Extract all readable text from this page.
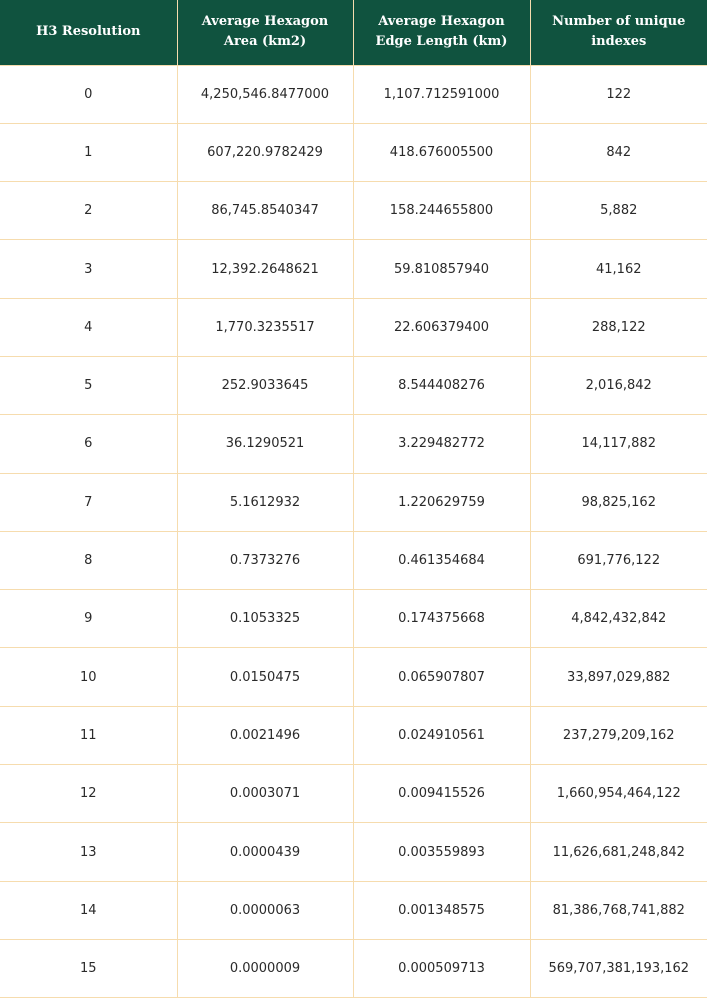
H3 Resolution	Average Hexagon Area (km2)	Average Hexagon Edge Length (km)	Number of unique indexes
0	4,250,546.8477000	1,107.712591000	122
1	607,220.9782429	418.676005500	842
2	86,745.8540347	158.244655800	5,882
3	12,392.2648621	59.810857940	41,162
4	1,770.3235517	22.606379400	288,122
5	252.9033645	8.544408276	2,016,842
6	36.1290521	3.229482772	14,117,882
7	5.1612932	1.220629759	98,825,162
8	0.7373276	0.461354684	691,776,122
9	0.1053325	0.174375668	4,842,432,842
10	0.0150475	0.065907807	33,897,029,882
11	0.0021496	0.024910561	237,279,209,162
12	0.0003071	0.009415526	1,660,954,464,122
13	0.0000439	0.003559893	11,626,681,248,842
14	0.0000063	0.001348575	81,386,768,741,882
15	0.0000009	0.000509713	569,707,381,193,162
